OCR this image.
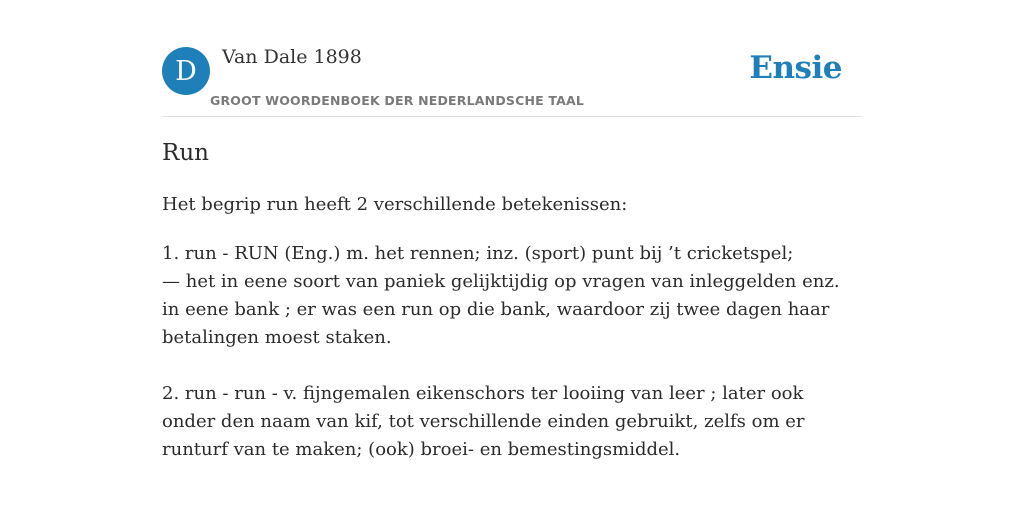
D	Van Dale 1898
GROOT WOORDENBOEK DER NEDERLANDSCHE TAAL
Ensie
Run
Het begrip run heeft 2 verschillende betekenissen:
1. run - RUN (Eng.) m. het rennen; inz. (sport) punt bij ’t cricketspel;
— het in eene soort van paniek gelijktijdig op vragen van inleggelden enz. in eene bank ; er was een run op die bank, waardoor zij twee dagen haar betalingen moest staken.
2. run - run - v. fijngemalen eikenschors ter looiing van leer ; later ook onder den naam van kif, tot verschillende einden gebruikt, zelfs om er runturf van te maken; (ook) broei- en bemestingsmiddel.
